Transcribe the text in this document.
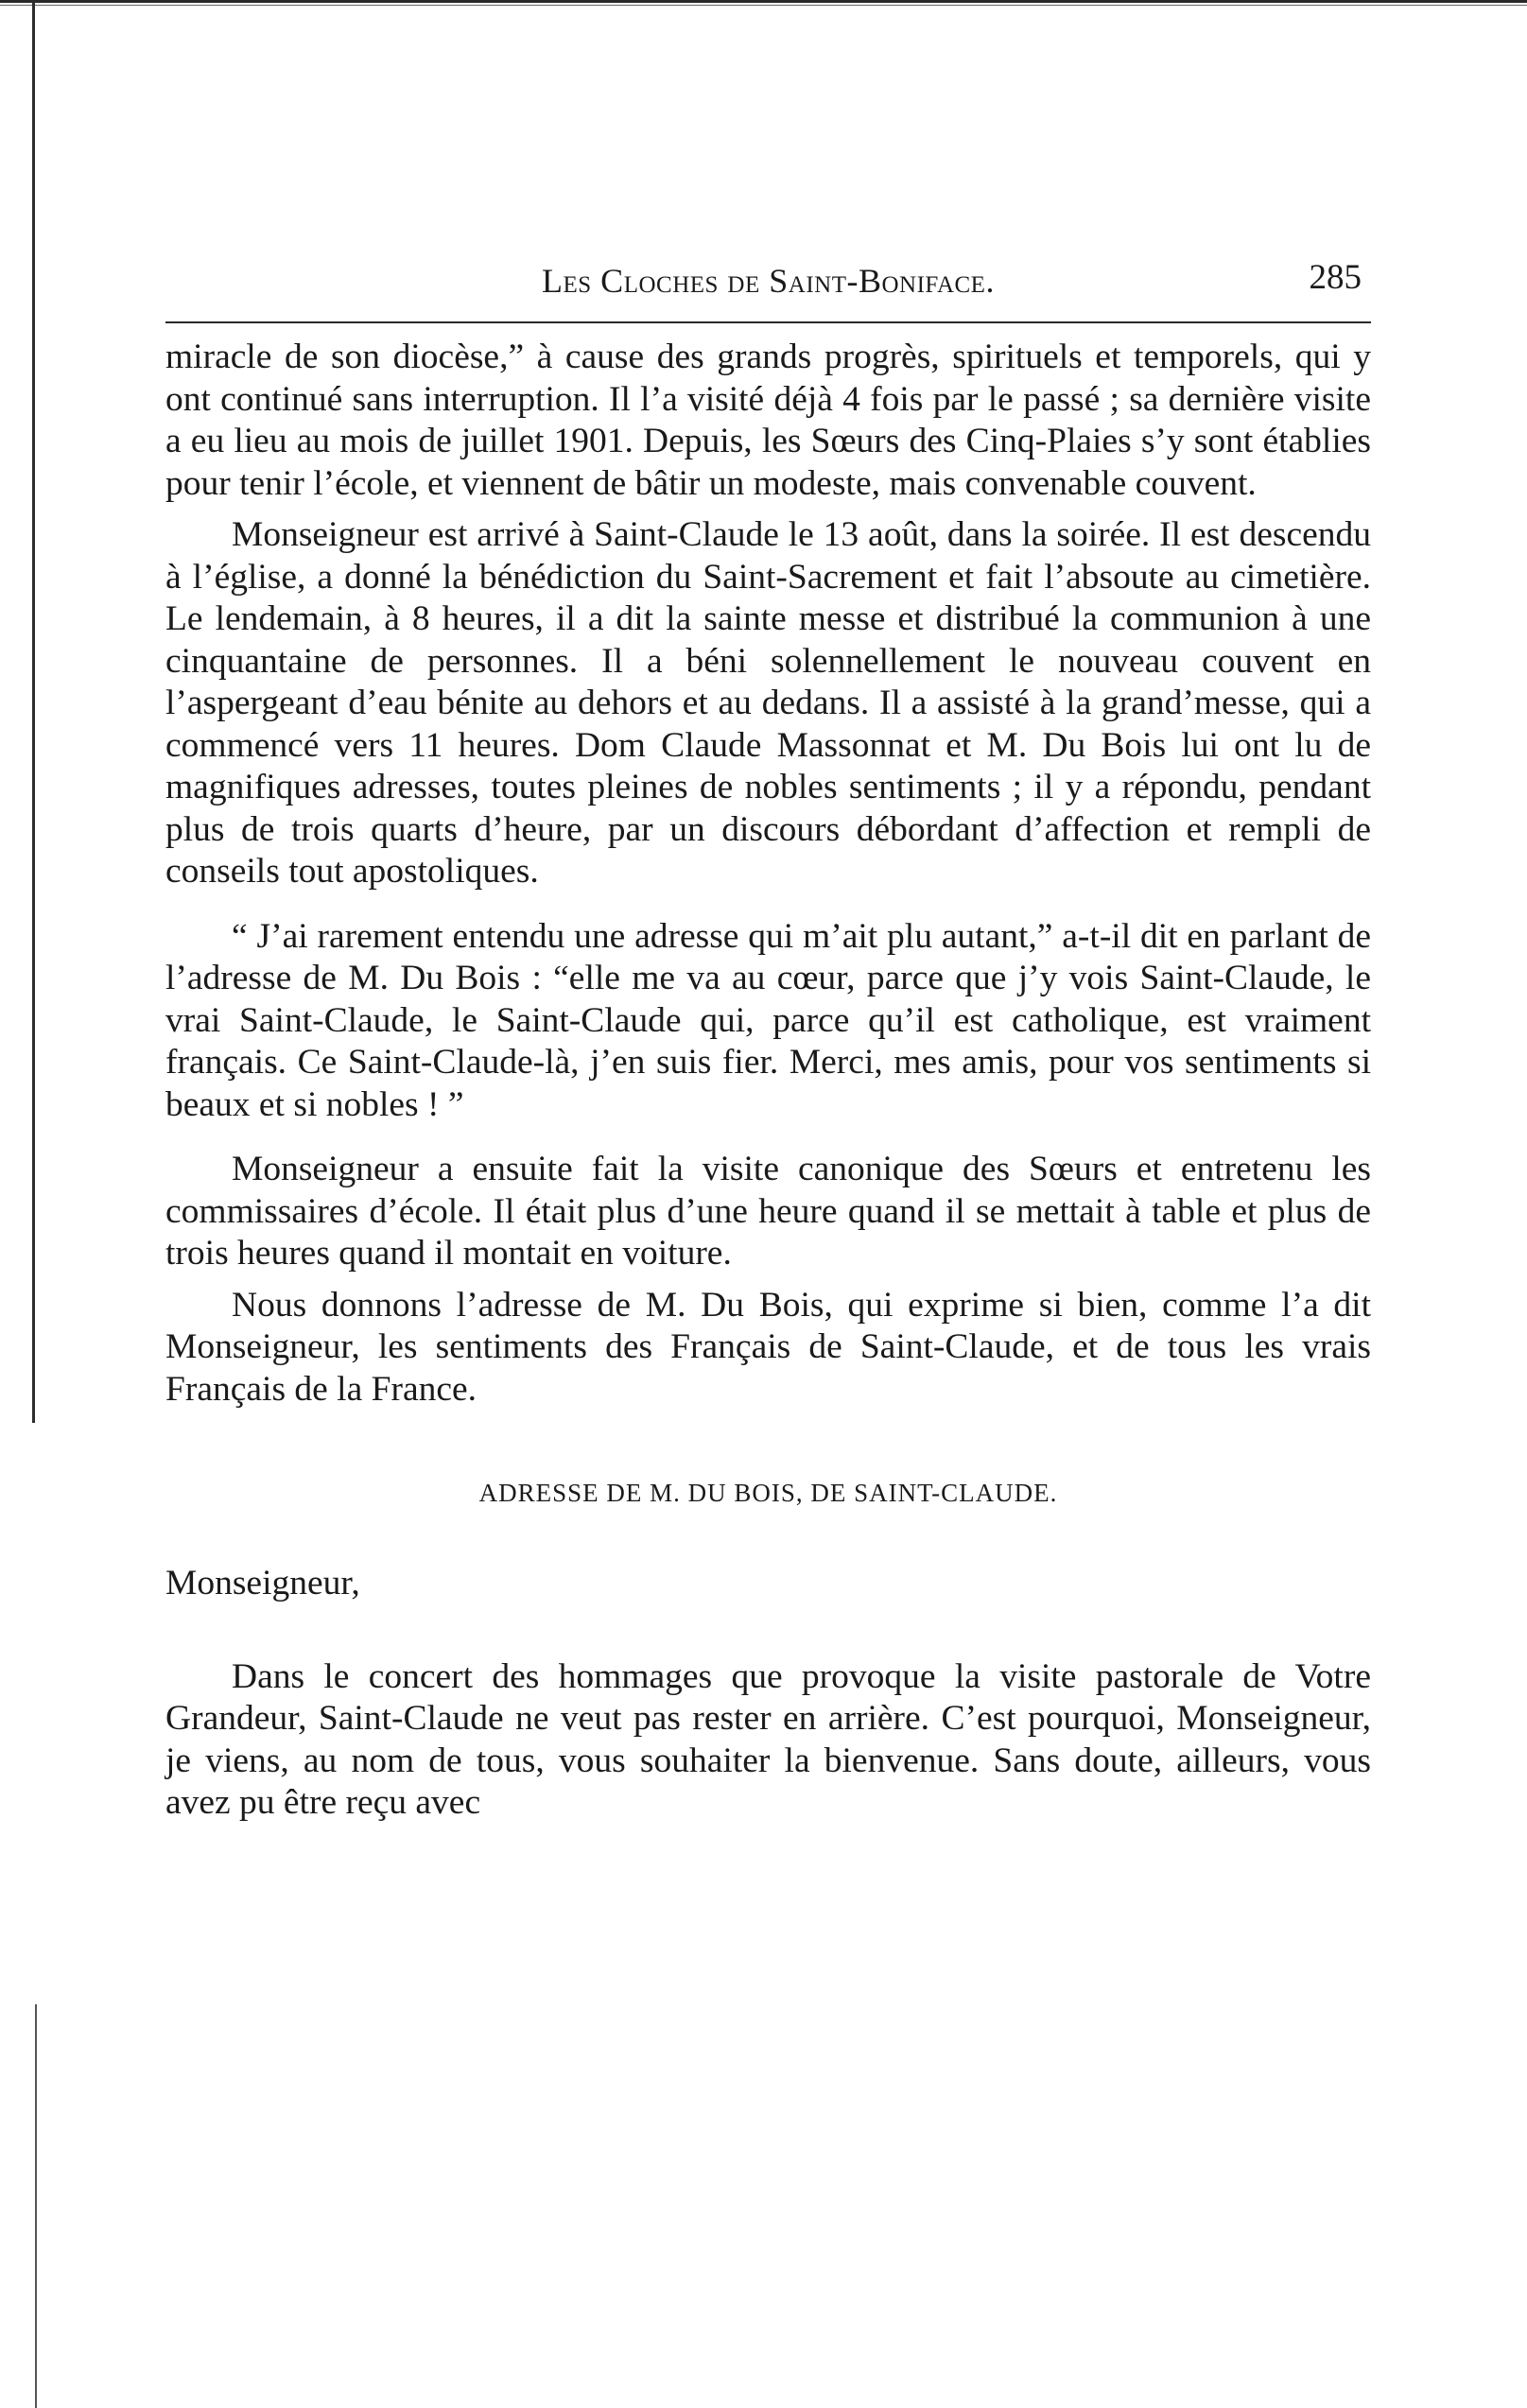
Les Cloches de Saint-Boniface.	285

miracle de son diocèse,” à cause des grands progrès, spirituels et temporels, qui y ont continué sans interruption. Il l’a visité déjà 4 fois par le passé ; sa dernière visite a eu lieu au mois de juillet 1901. Depuis, les Sœurs des Cinq-Plaies s’y sont établies pour tenir l’école, et viennent de bâtir un modeste, mais convenable couvent.

Monseigneur est arrivé à Saint-Claude le 13 août, dans la soirée. Il est descendu à l’église, a donné la bénédiction du Saint-Sacrement et fait l’absoute au cimetière. Le lendemain, à 8 heures, il a dit la sainte messe et distribué la communion à une cinquantaine de personnes. Il a béni solennellement le nouveau couvent en l’aspergeant d’eau bénite au dehors et au dedans. Il a assisté à la grand’messe, qui a commencé vers 11 heures. Dom Claude Massonnat et M. Du Bois lui ont lu de magnifiques adresses, toutes pleines de nobles sentiments ; il y a répondu, pendant plus de trois quarts d’heure, par un discours débordant d’affection et rempli de conseils tout apostoliques.

“ J’ai rarement entendu une adresse qui m’ait plu autant,” a-t-il dit en parlant de l’adresse de M. Du Bois : “elle me va au cœur, parce que j’y vois Saint-Claude, le vrai Saint-Claude, le Saint-Claude qui, parce qu’il est catholique, est vraiment français. Ce Saint-Claude-là, j’en suis fier. Merci, mes amis, pour vos sentiments si beaux et si nobles ! ”

Monseigneur a ensuite fait la visite canonique des Sœurs et entretenu les commissaires d’école. Il était plus d’une heure quand il se mettait à table et plus de trois heures quand il montait en voiture.

Nous donnons l’adresse de M. Du Bois, qui exprime si bien, comme l’a dit Monseigneur, les sentiments des Français de Saint-Claude, et de tous les vrais Français de la France.

ADRESSE DE M. DU BOIS, DE SAINT-CLAUDE.
Monseigneur,

Dans le concert des hommages que provoque la visite pastorale de Votre Grandeur, Saint-Claude ne veut pas rester en arrière. C’est pourquoi, Monseigneur, je viens, au nom de tous, vous souhaiter la bienvenue. Sans doute, ailleurs, vous avez pu être reçu avec
